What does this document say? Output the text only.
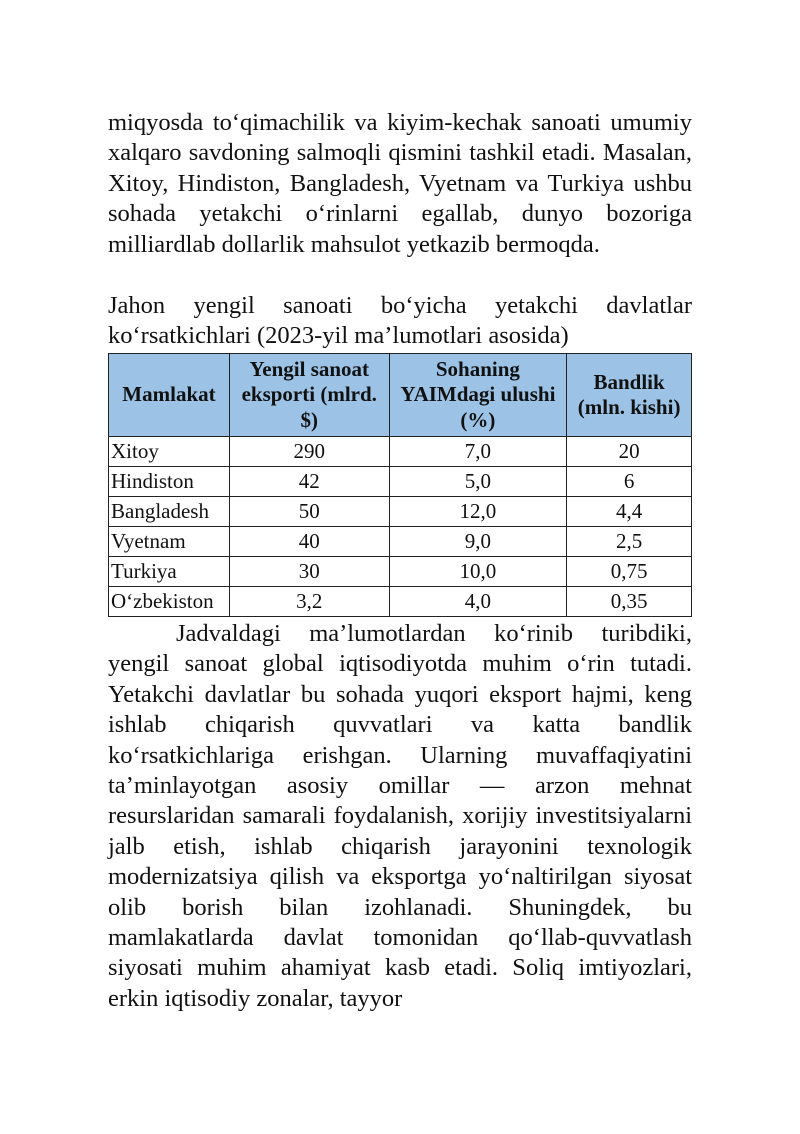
miqyosda to‘qimachilik va kiyim-kechak sanoati umumiy xalqaro savdoning salmoqli qismini tashkil etadi. Masalan, Xitoy, Hindiston, Bangladesh, Vyetnam va Turkiya ushbu sohada yetakchi o‘rinlarni egallab, dunyo bozoriga milliardlab dollarlik mahsulot yetkazib bermoqda.

Jahon yengil sanoati bo‘yicha yetakchi davlatlar ko‘rsatkichlari (2023-yil ma’lumotlari asosida)

Mamlakat	Yengil sanoat eksporti (mlrd. $)	Sohaning YAIMdagi ulushi (%)	Bandlik (mln. kishi)
Xitoy	290	7,0	20
Hindiston	42	5,0	6
Bangladesh	50	12,0	4,4
Vyetnam	40	9,0	2,5
Turkiya	30	10,0	0,75
O‘zbekiston	3,2	4,0	0,35

Jadvaldagi ma’lumotlardan ko‘rinib turibdiki, yengil sanoat global iqtisodiyotda muhim o‘rin tutadi. Yetakchi davlatlar bu sohada yuqori eksport hajmi, keng ishlab chiqarish quvvatlari va katta bandlik ko‘rsatkichlariga erishgan. Ularning muvaffaqiyatini ta’minlayotgan asosiy omillar — arzon mehnat resurslaridan samarali foydalanish, xorijiy investitsiyalarni jalb etish, ishlab chiqarish jarayonini texnologik modernizatsiya qilish va eksportga yo‘naltirilgan siyosat olib borish bilan izohlanadi. Shuningdek, bu mamlakatlarda davlat tomonidan qo‘llab-quvvatlash siyosati muhim ahamiyat kasb etadi. Soliq imtiyozlari, erkin iqtisodiy zonalar, tayyor
